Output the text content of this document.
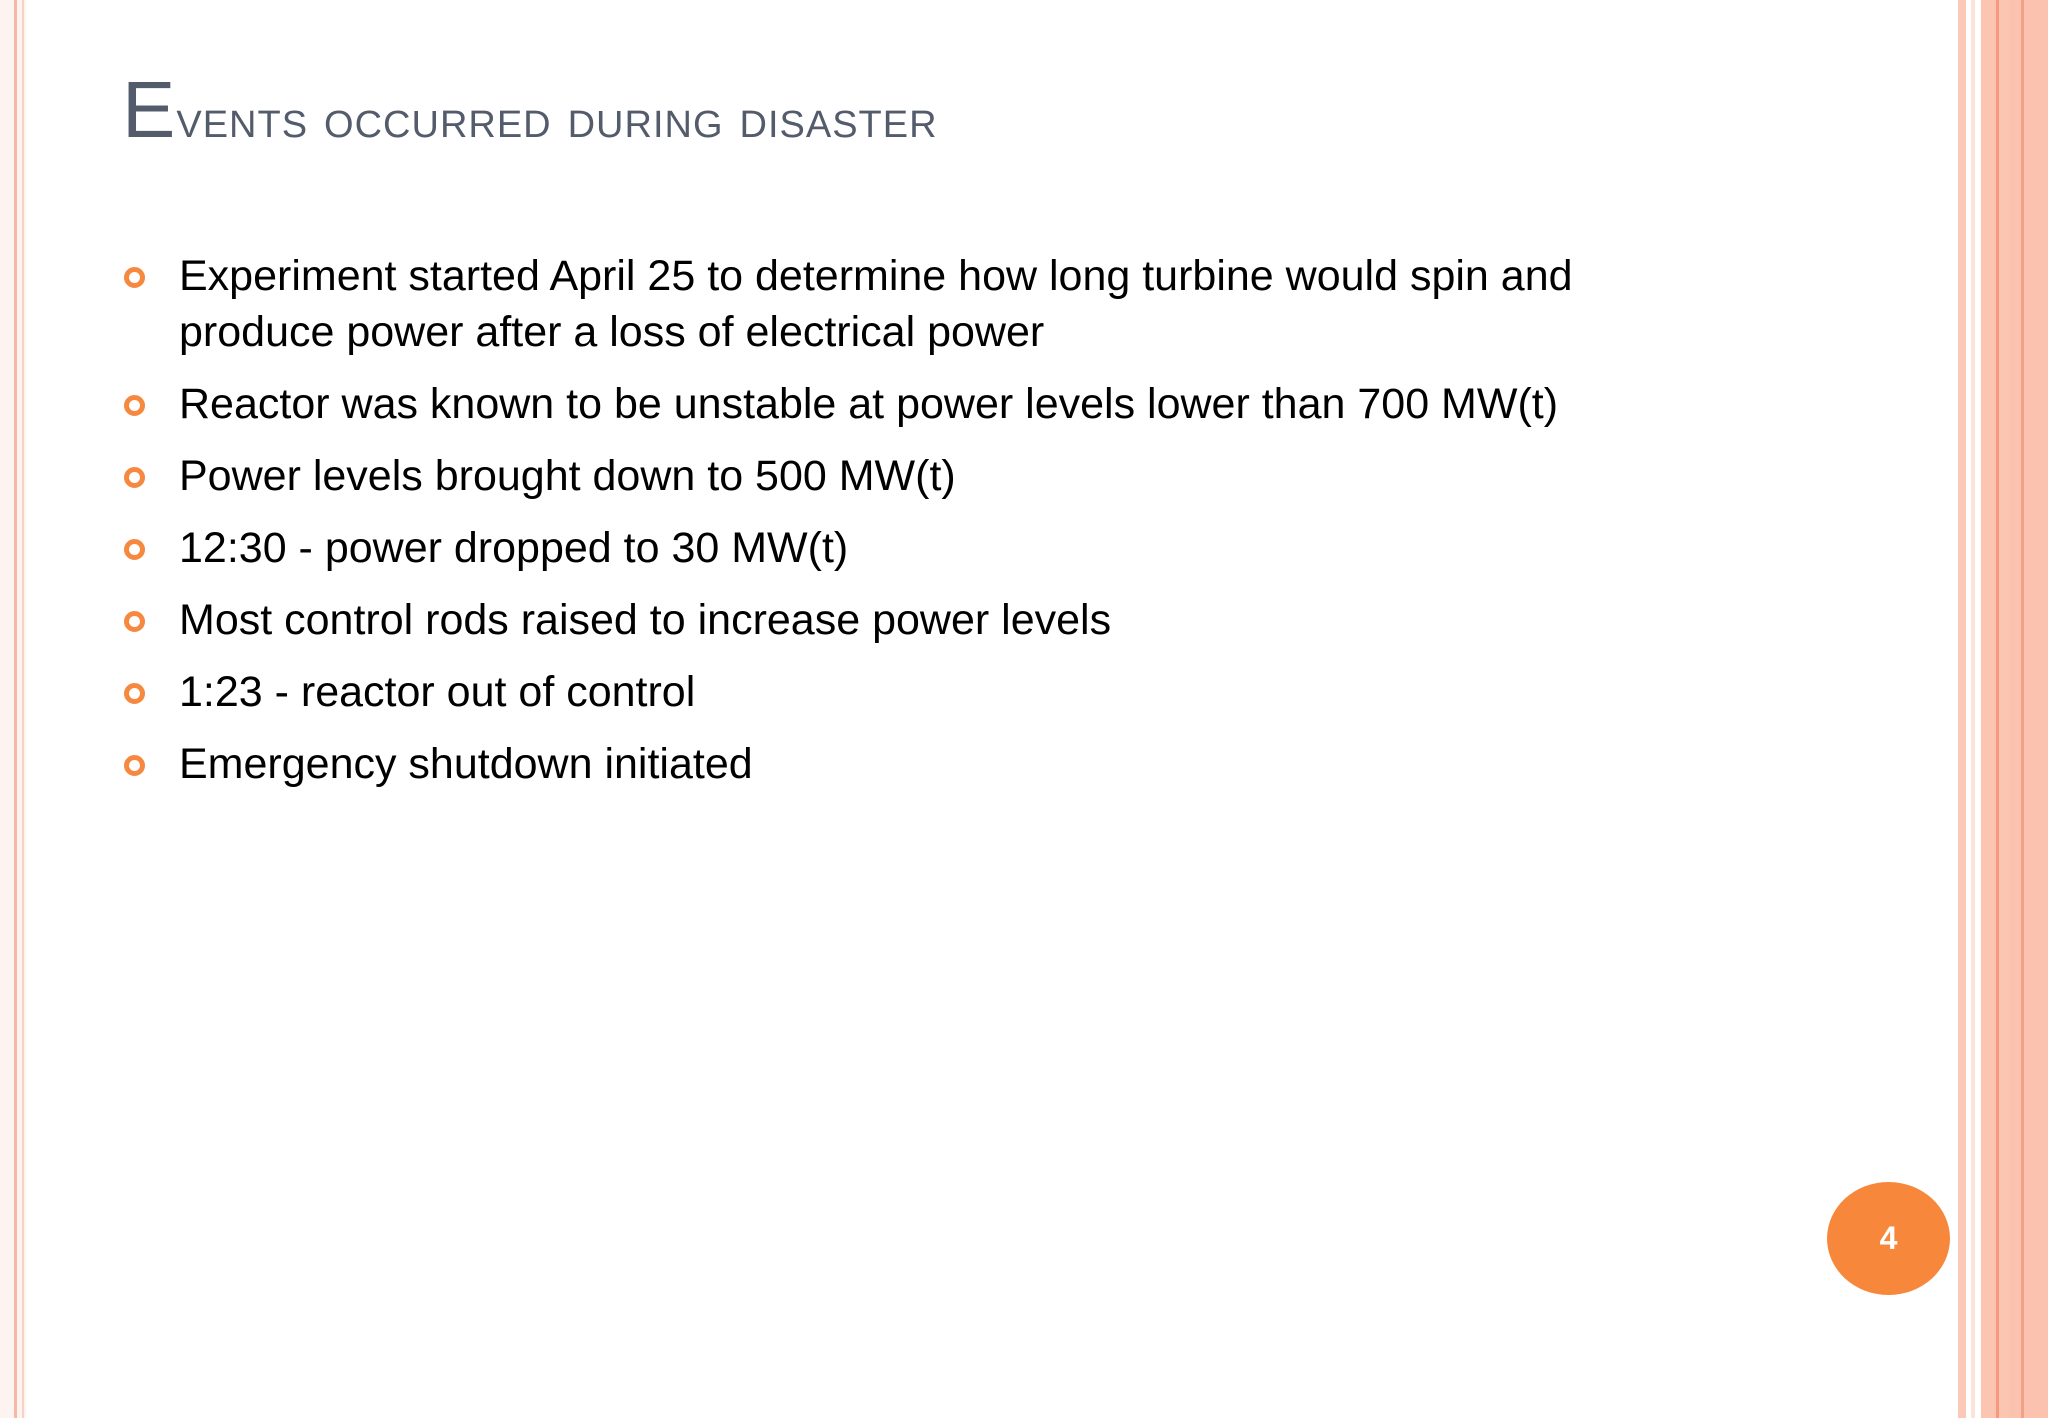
Events occurred during disaster
Experiment started April 25 to determine how long turbine would spin and produce power after a loss of electrical power
Reactor was known to be unstable at power levels lower than 700 MW(t)
Power levels brought down to 500 MW(t)
12:30 - power dropped to 30 MW(t)
Most control rods raised to increase power levels
1:23 - reactor out of control
Emergency shutdown initiated
4
